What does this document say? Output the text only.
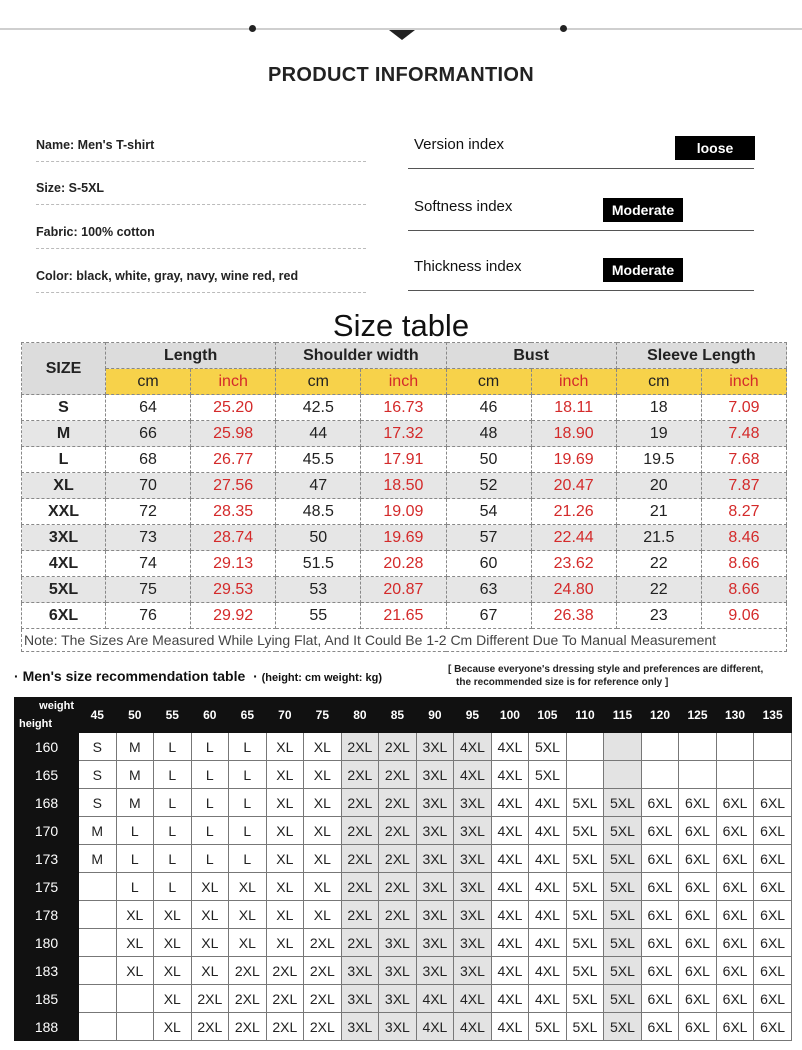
PRODUCT INFORMANTION
Name: Men's T-shirt
Size: S-5XL
Fabric: 100% cotton
Color: black, white, gray, navy, wine red, red
Version index	loose
Softness index	Moderate
Thickness index	Moderate
Size table
SIZE	Length		Shoulder width		Bust		Sleeve Length	
	cm	inch	cm	inch	cm	inch	cm	inch
S	64	25.20	42.5	16.73	46	18.11	18	7.09
M	66	25.98	44	17.32	48	18.90	19	7.48
L	68	26.77	45.5	17.91	50	19.69	19.5	7.68
XL	70	27.56	47	18.50	52	20.47	20	7.87
XXL	72	28.35	48.5	19.09	54	21.26	21	8.27
3XL	73	28.74	50	19.69	57	22.44	21.5	8.46
4XL	74	29.13	51.5	20.28	60	23.62	22	8.66
5XL	75	29.53	53	20.87	63	24.80	22	8.66
6XL	76	29.92	55	21.65	67	26.38	23	9.06
Note: The Sizes Are Measured While Lying Flat, And It Could Be 1-2 Cm Different Due To Manual Measurement								
· Men's size recommendation table  · (height: cm weight: kg)
[ Because everyone's dressing style and preferences are different,
the recommended size is for reference only ]
weight
height	45	50	55	60	65	70	75	80	85	90	95	100	105	110	115	120	125	130	135
160	S	M	L	L	L	XL	XL	2XL	2XL	3XL	4XL	4XL	5XL						
165	S	M	L	L	L	XL	XL	2XL	2XL	3XL	4XL	4XL	5XL						
168	S	M	L	L	L	XL	XL	2XL	2XL	3XL	3XL	4XL	4XL	5XL	5XL	6XL	6XL	6XL	6XL
170	M	L	L	L	L	XL	XL	2XL	2XL	3XL	3XL	4XL	4XL	5XL	5XL	6XL	6XL	6XL	6XL
173	M	L	L	L	L	XL	XL	2XL	2XL	3XL	3XL	4XL	4XL	5XL	5XL	6XL	6XL	6XL	6XL
175		L	L	XL	XL	XL	XL	2XL	2XL	3XL	3XL	4XL	4XL	5XL	5XL	6XL	6XL	6XL	6XL
178		XL	XL	XL	XL	XL	XL	2XL	2XL	3XL	3XL	4XL	4XL	5XL	5XL	6XL	6XL	6XL	6XL
180		XL	XL	XL	XL	XL	2XL	2XL	3XL	3XL	3XL	4XL	4XL	5XL	5XL	6XL	6XL	6XL	6XL
183		XL	XL	XL	2XL	2XL	2XL	3XL	3XL	3XL	3XL	4XL	4XL	5XL	5XL	6XL	6XL	6XL	6XL
185			XL	2XL	2XL	2XL	2XL	3XL	3XL	4XL	4XL	4XL	4XL	5XL	5XL	6XL	6XL	6XL	6XL
188			XL	2XL	2XL	2XL	2XL	3XL	3XL	4XL	4XL	4XL	5XL	5XL	5XL	6XL	6XL	6XL	6XL
